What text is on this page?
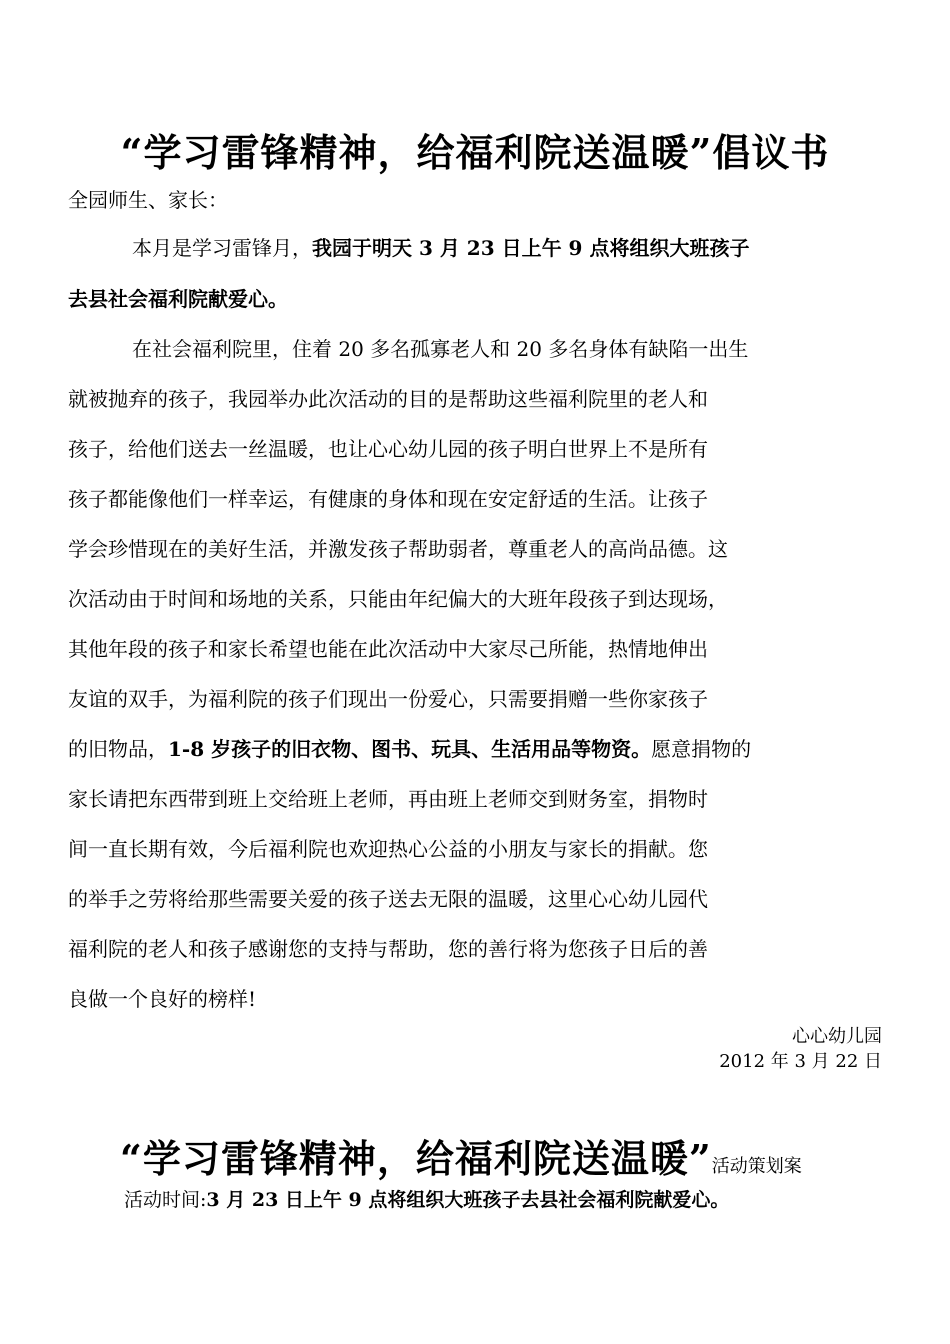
“学习雷锋精神，给福利院送温暖”倡议书
全园师生、家长：
本月是学习雷锋月，我园于明天 3 月 23 日上午 9 点将组织大班孩子
去县社会福利院献爱心。
在社会福利院里，住着 20 多名孤寡老人和 20 多名身体有缺陷一出生
就被抛弃的孩子，我园举办此次活动的目的是帮助这些福利院里的老人和
孩子，给他们送去一丝温暖，也让心心幼儿园的孩子明白世界上不是所有
孩子都能像他们一样幸运，有健康的身体和现在安定舒适的生活。让孩子
学会珍惜现在的美好生活，并激发孩子帮助弱者，尊重老人的高尚品德。这
次活动由于时间和场地的关系，只能由年纪偏大的大班年段孩子到达现场，
其他年段的孩子和家长希望也能在此次活动中大家尽己所能，热情地伸出
友谊的双手，为福利院的孩子们现出一份爱心，只需要捐赠一些你家孩子
的旧物品，1-8 岁孩子的旧衣物、图书、玩具、生活用品等物资。愿意捐物的
家长请把东西带到班上交给班上老师，再由班上老师交到财务室，捐物时
间一直长期有效，今后福利院也欢迎热心公益的小朋友与家长的捐献。您
的举手之劳将给那些需要关爱的孩子送去无限的温暖，这里心心幼儿园代
福利院的老人和孩子感谢您的支持与帮助，您的善行将为您孩子日后的善
良做一个良好的榜样!
心心幼儿园
2012 年 3 月 22 日
“学习雷锋精神，给福利院送温暖”活动策划案
活动时间:3 月 23 日上午 9 点将组织大班孩子去县社会福利院献爱心。
